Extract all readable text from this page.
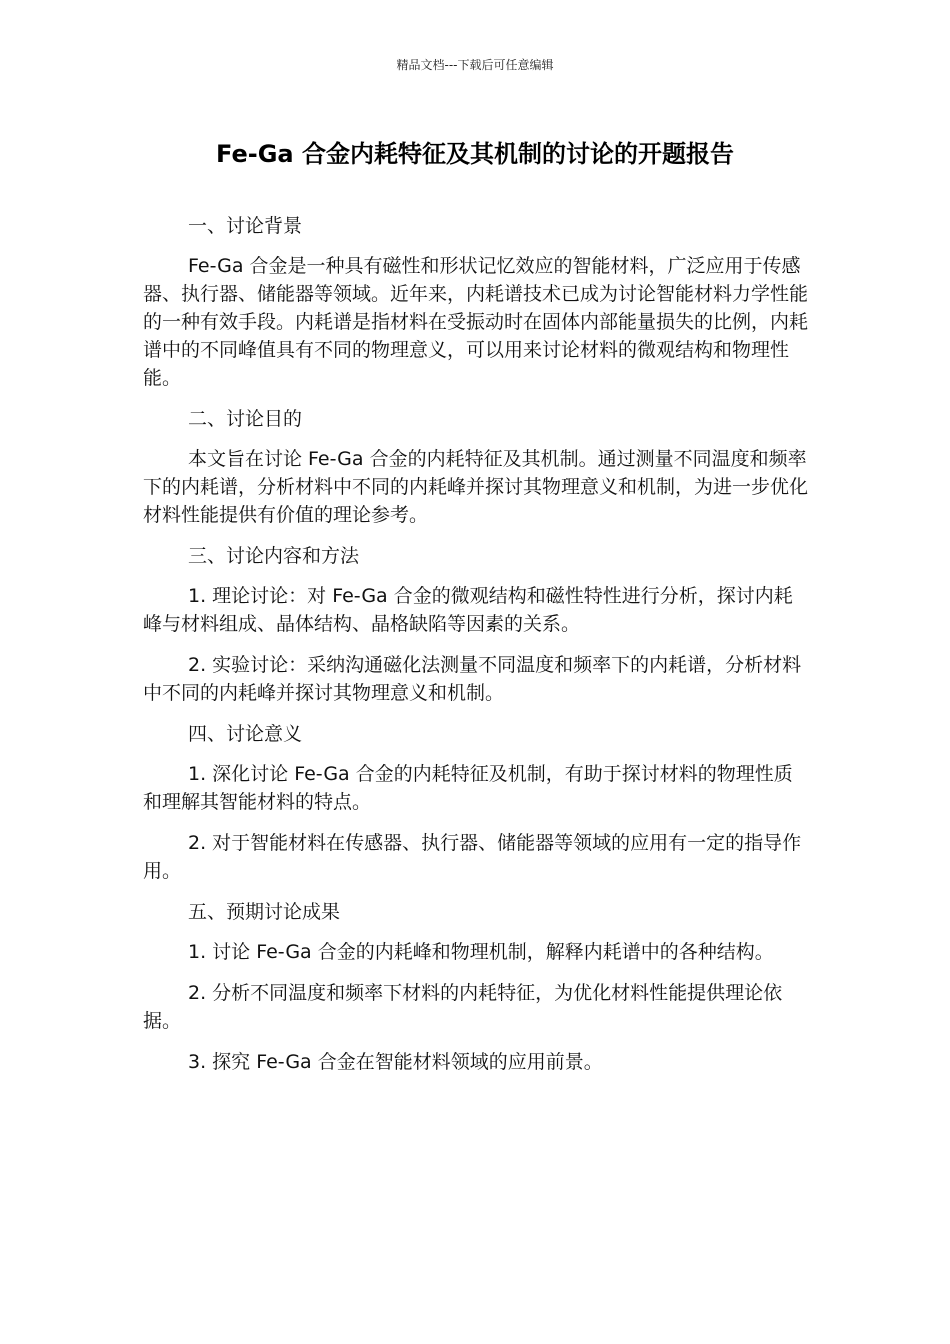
精品文档---下载后可任意编辑
Fe-Ga 合金内耗特征及其机制的讨论的开题报告

一、讨论背景

Fe-Ga 合金是一种具有磁性和形状记忆效应的智能材料，广泛应用于传感器、执行器、储能器等领域。近年来，内耗谱技术已成为讨论智能材料力学性能的一种有效手段。内耗谱是指材料在受振动时在固体内部能量损失的比例，内耗谱中的不同峰值具有不同的物理意义，可以用来讨论材料的微观结构和物理性能。

二、讨论目的

本文旨在讨论 Fe-Ga 合金的内耗特征及其机制。通过测量不同温度和频率下的内耗谱，分析材料中不同的内耗峰并探讨其物理意义和机制，为进一步优化材料性能提供有价值的理论参考。

三、讨论内容和方法

1. 理论讨论：对 Fe-Ga 合金的微观结构和磁性特性进行分析，探讨内耗峰与材料组成、晶体结构、晶格缺陷等因素的关系。

2. 实验讨论：采纳沟通磁化法测量不同温度和频率下的内耗谱，分析材料中不同的内耗峰并探讨其物理意义和机制。

四、讨论意义

1. 深化讨论 Fe-Ga 合金的内耗特征及机制，有助于探讨材料的物理性质和理解其智能材料的特点。

2. 对于智能材料在传感器、执行器、储能器等领域的应用有一定的指导作用。

五、预期讨论成果

1. 讨论 Fe-Ga 合金的内耗峰和物理机制，解释内耗谱中的各种结构。

2. 分析不同温度和频率下材料的内耗特征，为优化材料性能提供理论依据。

3. 探究 Fe-Ga 合金在智能材料领域的应用前景。
